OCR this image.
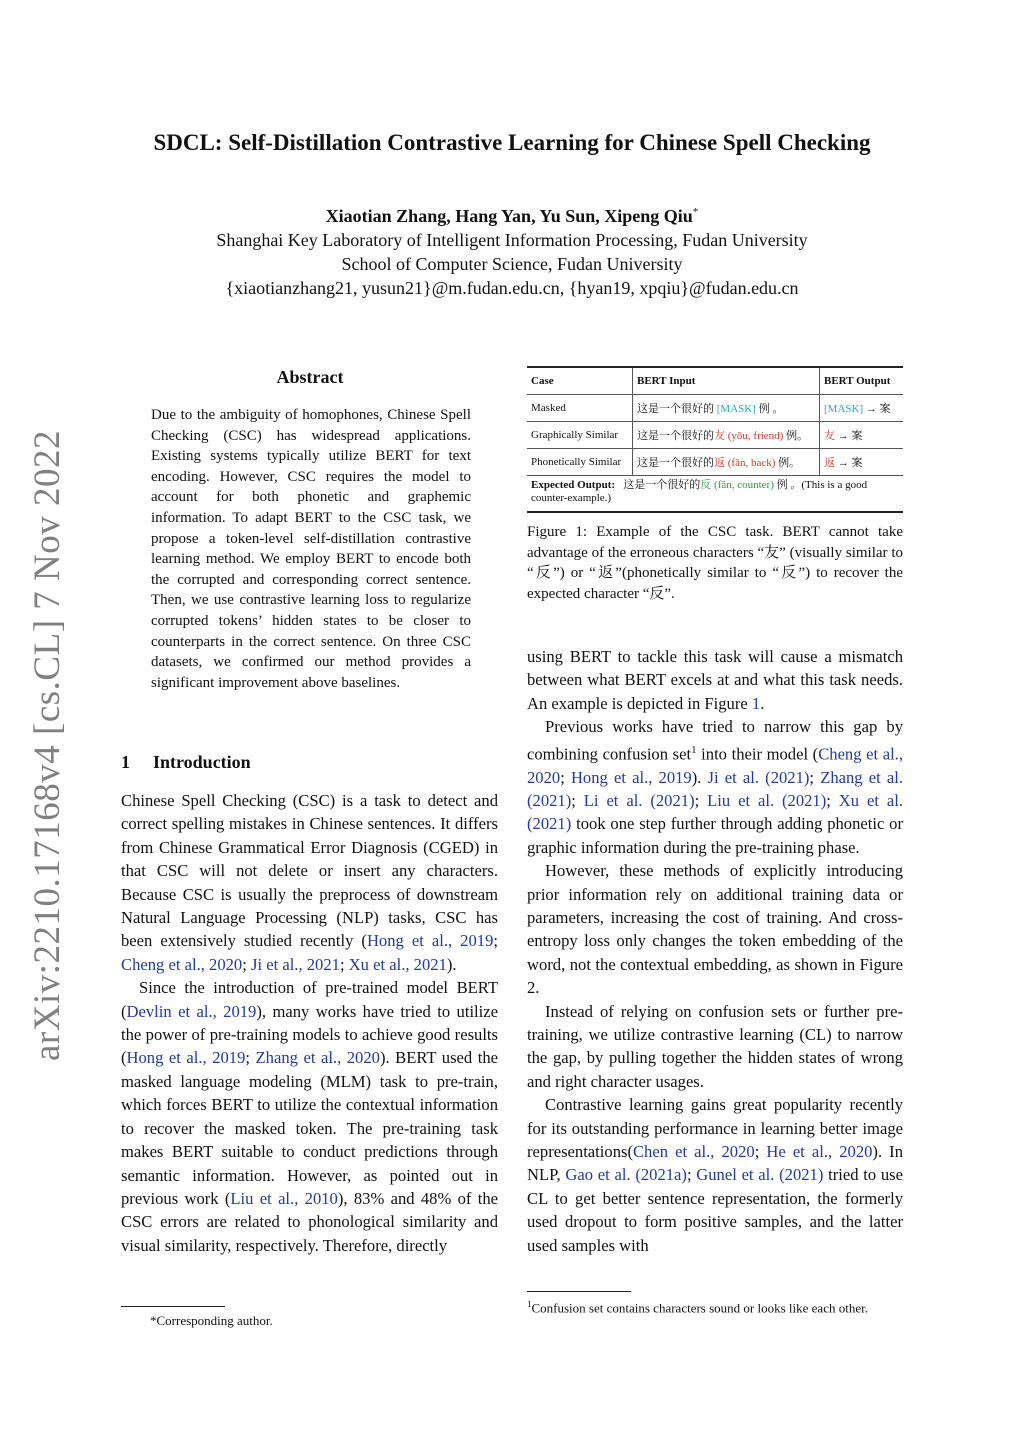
arXiv:2210.17168v4 [cs.CL] 7 Nov 2022
SDCL: Self-Distillation Contrastive Learning for Chinese Spell Checking
Xiaotian Zhang, Hang Yan, Yu Sun, Xipeng Qiu*
Shanghai Key Laboratory of Intelligent Information Processing, Fudan University
School of Computer Science, Fudan University
{xiaotianzhang21, yusun21}@m.fudan.edu.cn, {hyan19, xpqiu}@fudan.edu.cn
Abstract
Due to the ambiguity of homophones, Chinese Spell Checking (CSC) has widespread applications. Existing systems typically utilize BERT for text encoding. However, CSC requires the model to account for both phonetic and graphemic information. To adapt BERT to the CSC task, we propose a token-level self-distillation contrastive learning method. We employ BERT to encode both the corrupted and corresponding correct sentence. Then, we use contrastive learning loss to regularize corrupted tokens’ hidden states to be closer to counterparts in the correct sentence. On three CSC datasets, we confirmed our method provides a significant improvement above baselines.
1 Introduction

Chinese Spell Checking (CSC) is a task to detect and correct spelling mistakes in Chinese sentences. It differs from Chinese Grammatical Error Diagnosis (CGED) in that CSC will not delete or insert any characters. Because CSC is usually the preprocess of downstream Natural Language Processing (NLP) tasks, CSC has been extensively studied recently (Hong et al., 2019; Cheng et al., 2020; Ji et al., 2021; Xu et al., 2021).

Since the introduction of pre-trained model BERT (Devlin et al., 2019), many works have tried to utilize the power of pre-training models to achieve good results (Hong et al., 2019; Zhang et al., 2020). BERT used the masked language modeling (MLM) task to pre-train, which forces BERT to utilize the contextual information to recover the masked token. The pre-training task makes BERT suitable to conduct predictions through semantic information. However, as pointed out in previous work (Liu et al., 2010), 83% and 48% of the CSC errors are related to phonological similarity and visual similarity, respectively. Therefore, directly

*Corresponding author.
Case	BERT Input	BERT Output
Masked	这是一个很好的 [MASK] 例 。	[MASK] → 案
Graphically Similar	这是一个很好的友 (yǒu, friend) 例。	友 → 案
Phonetically Similar	这是一个很好的返 (fǎn, back) 例。	返 → 案
Expected Output: 这是一个很好的反 (fǎn, counter) 例 。(This is a good counter-example.)		
Figure 1: Example of the CSC task. BERT cannot take advantage of the erroneous characters “友” (visually similar to “反”) or “返”(phonetically similar to “反”) to recover the expected character “反”.

using BERT to tackle this task will cause a mismatch between what BERT excels at and what this task needs. An example is depicted in Figure 1.

Previous works have tried to narrow this gap by combining confusion set$^1$ into their model (Cheng et al., 2020; Hong et al., 2019). Ji et al. (2021); Zhang et al. (2021); Li et al. (2021); Liu et al. (2021); Xu et al. (2021) took one step further through adding phonetic or graphic information during the pre-training phase.

However, these methods of explicitly introducing prior information rely on additional training data or parameters, increasing the cost of training. And cross-entropy loss only changes the token embedding of the word, not the contextual embedding, as shown in Figure 2.

Instead of relying on confusion sets or further pre-training, we utilize contrastive learning (CL) to narrow the gap, by pulling together the hidden states of wrong and right character usages.

Contrastive learning gains great popularity recently for its outstanding performance in learning better image representations(Chen et al., 2020; He et al., 2020). In NLP, Gao et al. (2021a); Gunel et al. (2021) tried to use CL to get better sentence representation, the formerly used dropout to form positive samples, and the latter used samples with

$^1$Confusion set contains characters sound or looks like each other.
